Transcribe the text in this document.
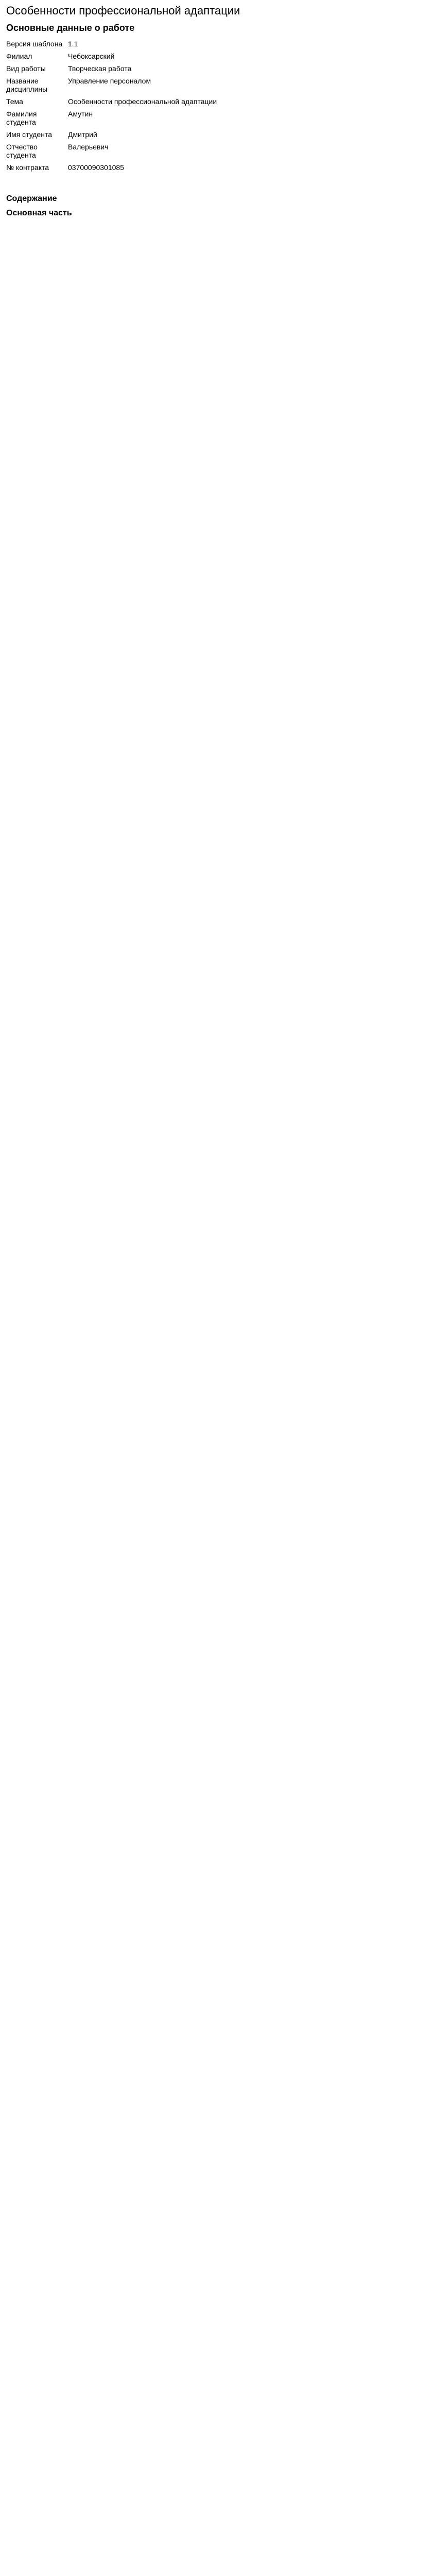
Особенности профессиональной адаптации
Основные данные о работе
Версия шаблона	1.1
Филиал	Чебоксарский
Вид работы	Творческая работа
Название дисциплины	Управление персоналом
Тема	Особенности профессиональной адаптации
Фамилия студента	Амутин
Имя студента	Дмитрий
Отчество студента	Валерьевич
№ контракта	03700090301085
Содержание
Основная часть
